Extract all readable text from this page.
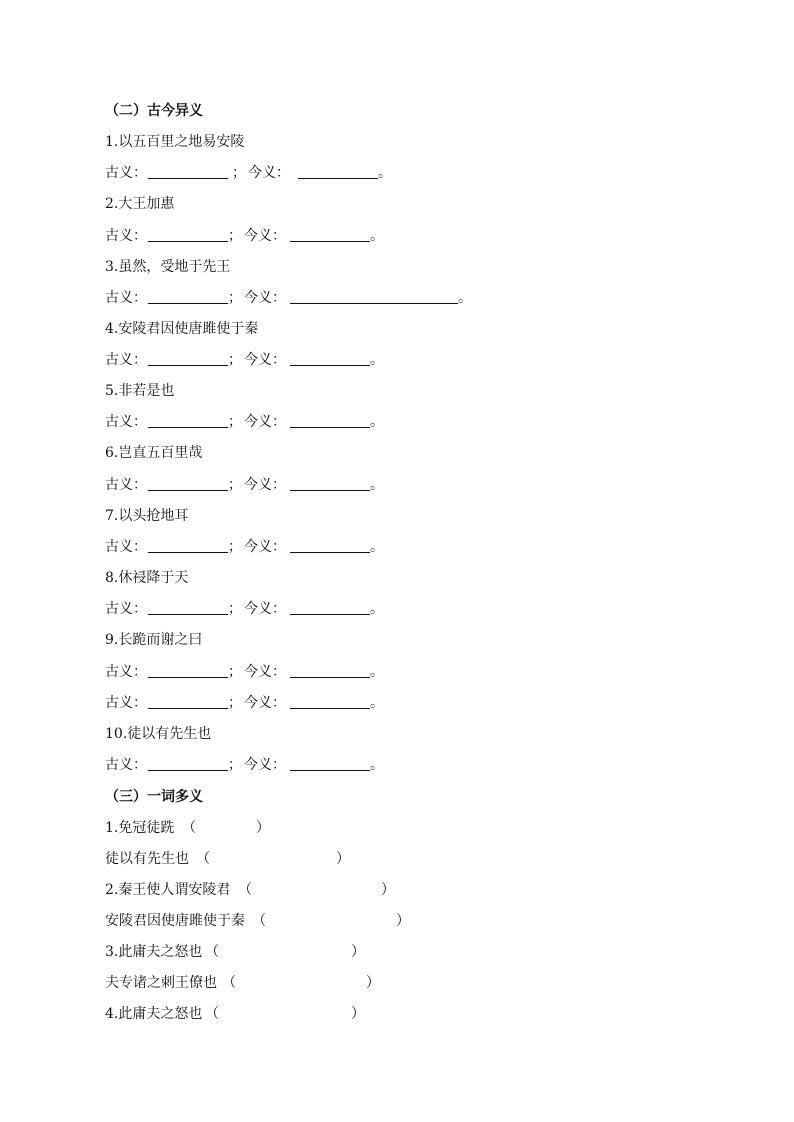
（二）古今异义
1.以五百里之地易安陵
古义：	； 今义：	。
2.大王加惠
古义：	； 今义：	。
3.虽然，受地于先王
古义：	； 今义：	。
4.安陵君因使唐雎使于秦
古义：	； 今义：	。
5.非若是也
古义：	； 今义：	。
6.岂直五百里哉
古义：	； 今义：	。
7.以头抢地耳
古义：	； 今义：	。
8.休祲降于天
古义：	； 今义：	。
9.长跪而谢之曰
古义：	； 今义：	。
古义：	； 今义：	。
10.徒以有先生也
古义：	； 今义：	。
（三）一词多义
1.免冠徒跣 （	）
徒以有先生也 （	）
2.秦王使人谓安陵君 （	）
安陵君因使唐雎使于秦 （	）
3.此庸夫之怒也 （	）
夫专诸之刺王僚也 （	）
4.此庸夫之怒也 （	）
